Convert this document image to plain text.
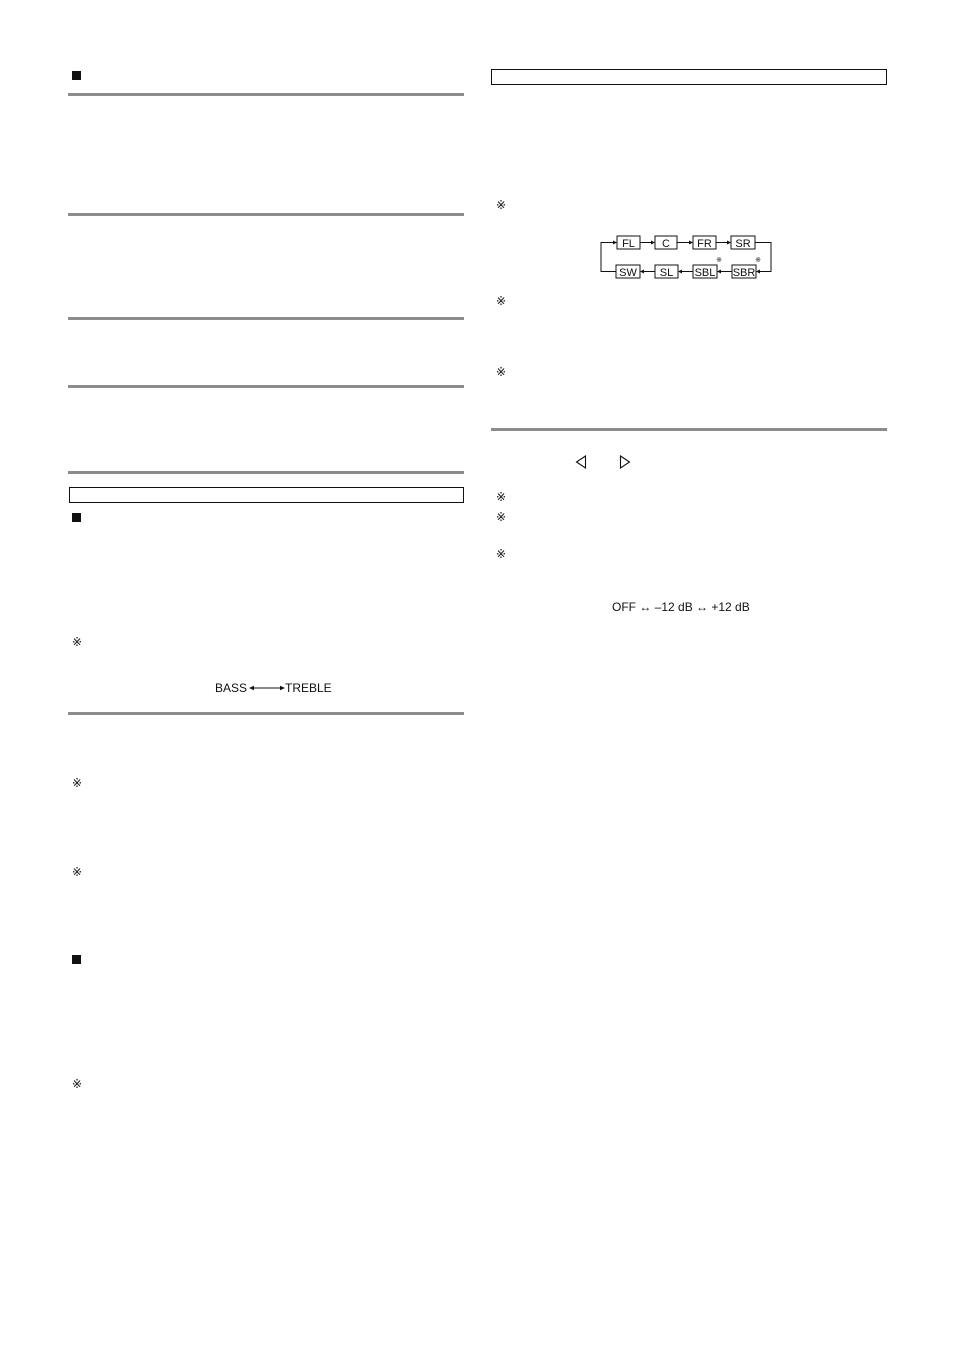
※
BASS	TREBLE
※
※
※
※
FL C FR SR
SW SL SBL SBR
※	※
※
※
※
※
※
OFF ↔ –12 dB ↔ +12 dB
